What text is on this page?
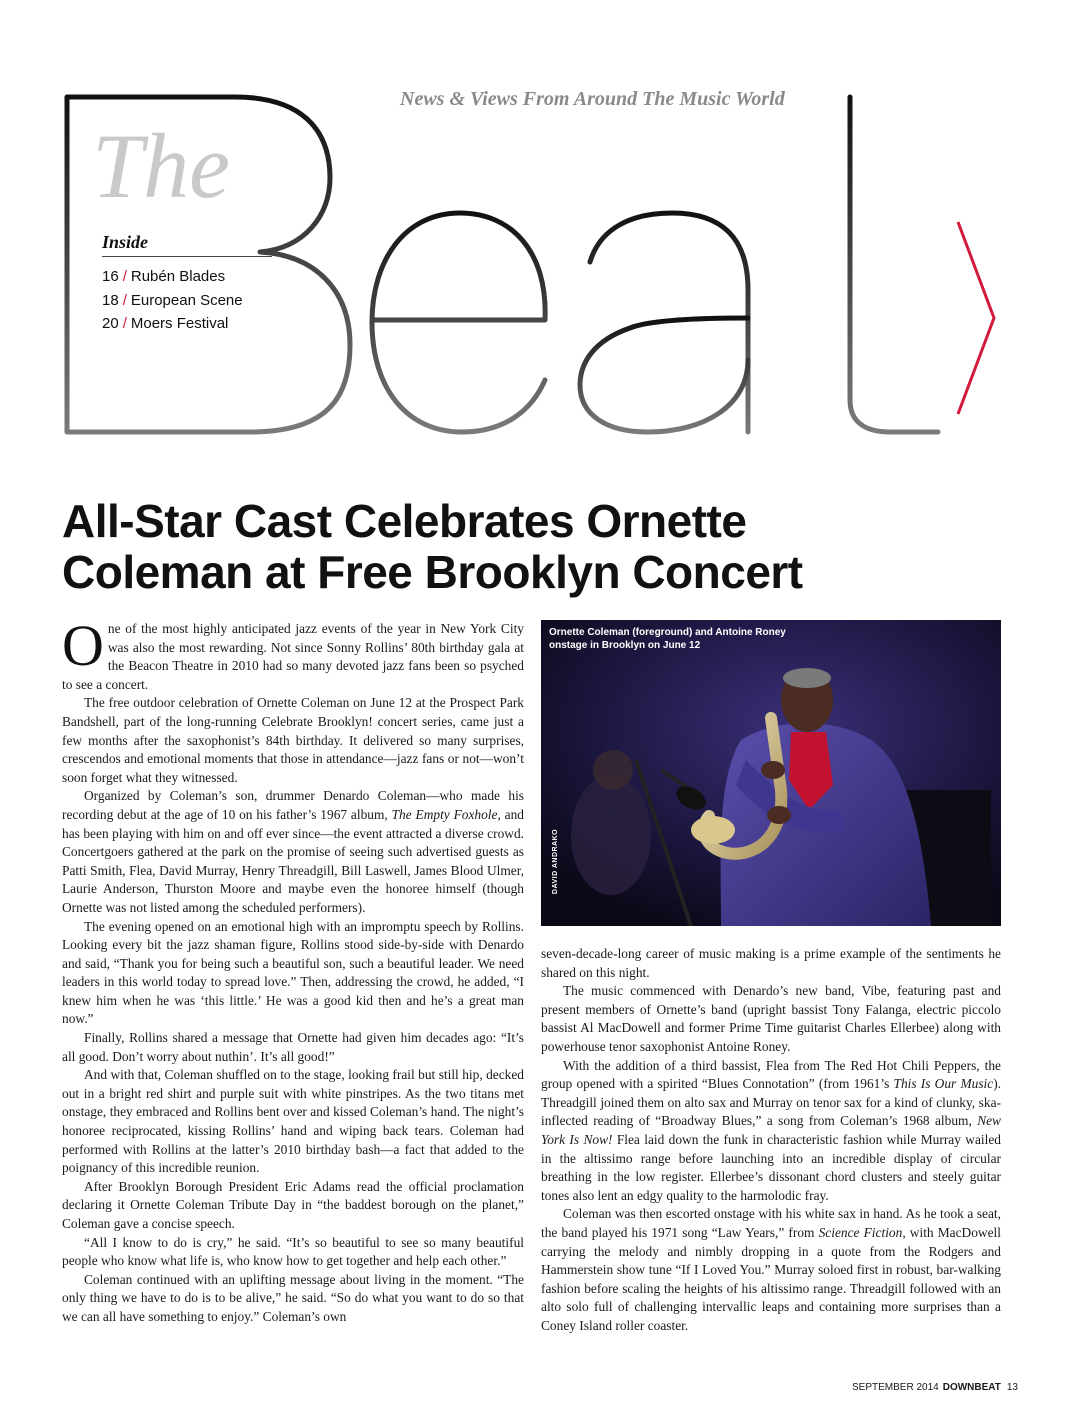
News & Views From Around The Music World
The
Inside
16 / Rubén Blades
18 / European Scene
20 / Moers Festival
All-Star Cast Celebrates Ornette
Coleman at Free Brooklyn Concert

One of the most highly anticipated jazz events of the year in New York City was also the most rewarding. Not since Sonny Rollins’ 80th birthday gala at the Beacon Theatre in 2010 had so many devoted jazz fans been so psyched to see a concert.

The free outdoor celebration of Ornette Coleman on June 12 at the Prospect Park Bandshell, part of the long-running Celebrate Brooklyn! concert series, came just a few months after the saxophonist’s 84th birthday. It delivered so many surprises, crescendos and emotional moments that those in attendance—jazz fans or not—won’t soon forget what they witnessed.

Organized by Coleman’s son, drummer Denardo Coleman—who made his recording debut at the age of 10 on his father’s 1967 album, The Empty Foxhole, and has been playing with him on and off ever since—the event attracted a diverse crowd. Concertgoers gathered at the park on the promise of seeing such advertised guests as Patti Smith, Flea, David Murray, Henry Threadgill, Bill Laswell, James Blood Ulmer, Laurie Anderson, Thurston Moore and maybe even the honoree himself (though Ornette was not listed among the scheduled performers).

The evening opened on an emotional high with an impromptu speech by Rollins. Looking every bit the jazz shaman figure, Rollins stood side-by-side with Denardo and said, “Thank you for being such a beautiful son, such a beautiful leader. We need leaders in this world today to spread love.” Then, addressing the crowd, he added, “I knew him when he was ‘this little.’ He was a good kid then and he’s a great man now.”

Finally, Rollins shared a message that Ornette had given him decades ago: “It’s all good. Don’t worry about nuthin’. It’s all good!”

And with that, Coleman shuffled on to the stage, looking frail but still hip, decked out in a bright red shirt and purple suit with white pinstripes. As the two titans met onstage, they embraced and Rollins bent over and kissed Coleman’s hand. The night’s honoree reciprocated, kissing Rollins’ hand and wiping back tears. Coleman had performed with Rollins at the latter’s 2010 birthday bash—a fact that added to the poignancy of this incredible reunion.

After Brooklyn Borough President Eric Adams read the official proclamation declaring it Ornette Coleman Tribute Day in “the baddest borough on the planet,” Coleman gave a concise speech.

“All I know to do is cry,” he said. “It’s so beautiful to see so many beautiful people who know what life is, who know how to get together and help each other.”

Coleman continued with an uplifting message about living in the moment. “The only thing we have to do is to be alive,” he said. “So do what you want to do so that we can all have something to enjoy.” Coleman’s own

Ornette Coleman (foreground) and Antoine Roney onstage in Brooklyn on June 12
DAVID ANDRAKO

seven-decade-long career of music making is a prime example of the sentiments he shared on this night.

The music commenced with Denardo’s new band, Vibe, featuring past and present members of Ornette’s band (upright bassist Tony Falanga, electric piccolo bassist Al MacDowell and former Prime Time guitarist Charles Ellerbee) along with powerhouse tenor saxophonist Antoine Roney.

With the addition of a third bassist, Flea from The Red Hot Chili Peppers, the group opened with a spirited “Blues Connotation” (from 1961’s This Is Our Music). Threadgill joined them on alto sax and Murray on tenor sax for a kind of clunky, ska-inflected reading of “Broadway Blues,” a song from Coleman’s 1968 album, New York Is Now! Flea laid down the funk in characteristic fashion while Murray wailed in the altissimo range before launching into an incredible display of circular breathing in the low register. Ellerbee’s dissonant chord clusters and steely guitar tones also lent an edgy quality to the harmolodic fray.

Coleman was then escorted onstage with his white sax in hand. As he took a seat, the band played his 1971 song “Law Years,” from Science Fiction, with MacDowell carrying the melody and nimbly dropping in a quote from the Rodgers and Hammerstein show tune “If I Loved You.” Murray soloed first in robust, bar-walking fashion before scaling the heights of his altissimo range. Threadgill followed with an alto solo full of challenging intervallic leaps and containing more surprises than a Coney Island roller coaster.

SEPTEMBER 2014 DOWNBEAT 13
